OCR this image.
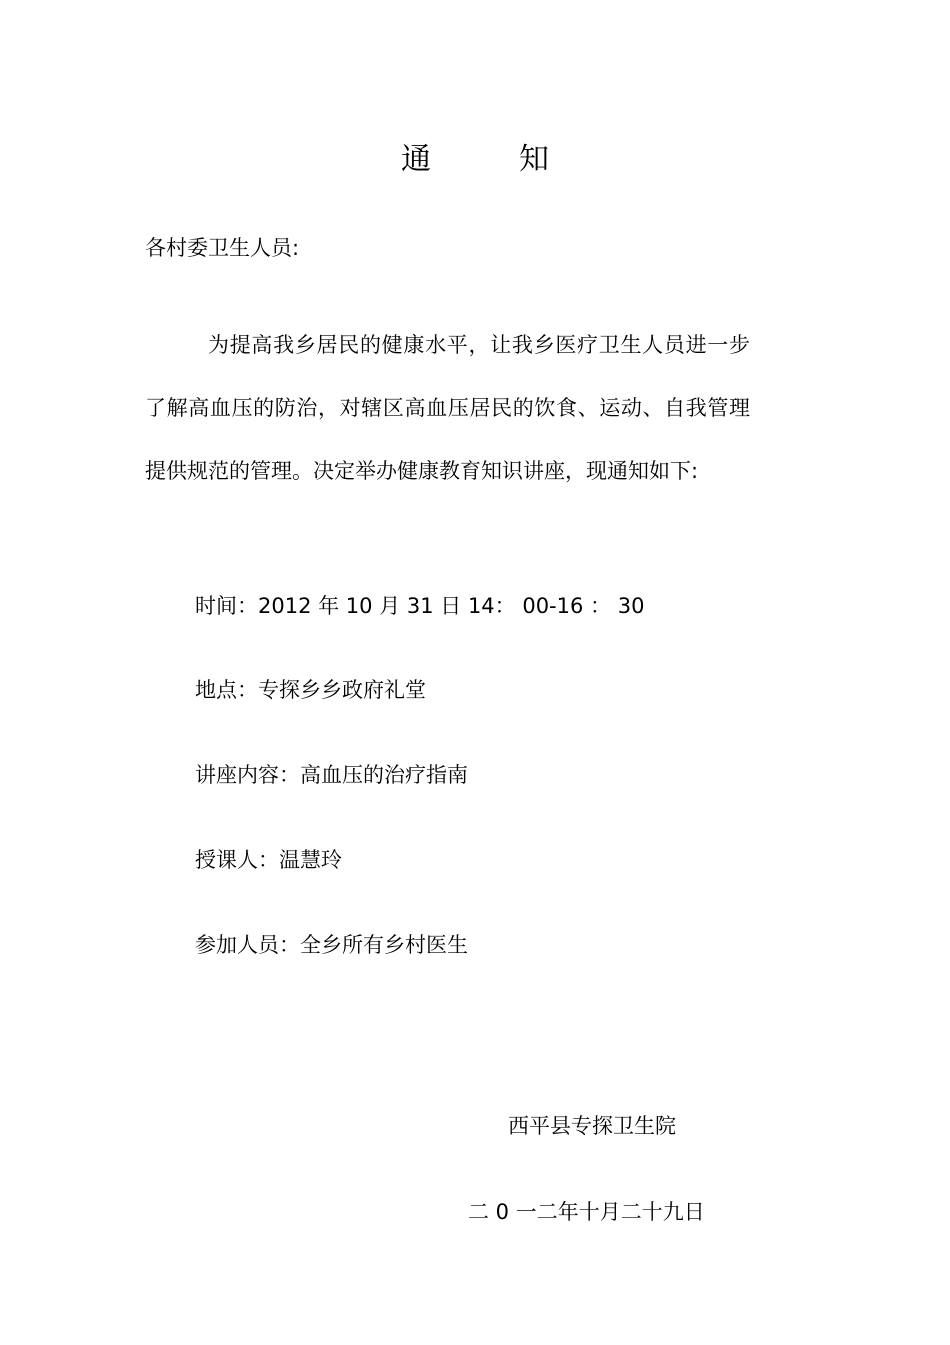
通	知
各村委卫生人员:
为提高我乡居民的健康水平，让我乡医疗卫生人员进一步了解高血压的防治，对辖区高血压居民的饮食、运动、自我管理提供规范的管理。决定举办健康教育知识讲座，现通知如下:
时间：2012 年 10 月 31 日 14： 00-16 ： 30
地点：专探乡乡政府礼堂
讲座内容：高血压的治疗指南
授课人：温慧玲
参加人员：全乡所有乡村医生
西平县专探卫生院
二 0 一二年十月二十九日
